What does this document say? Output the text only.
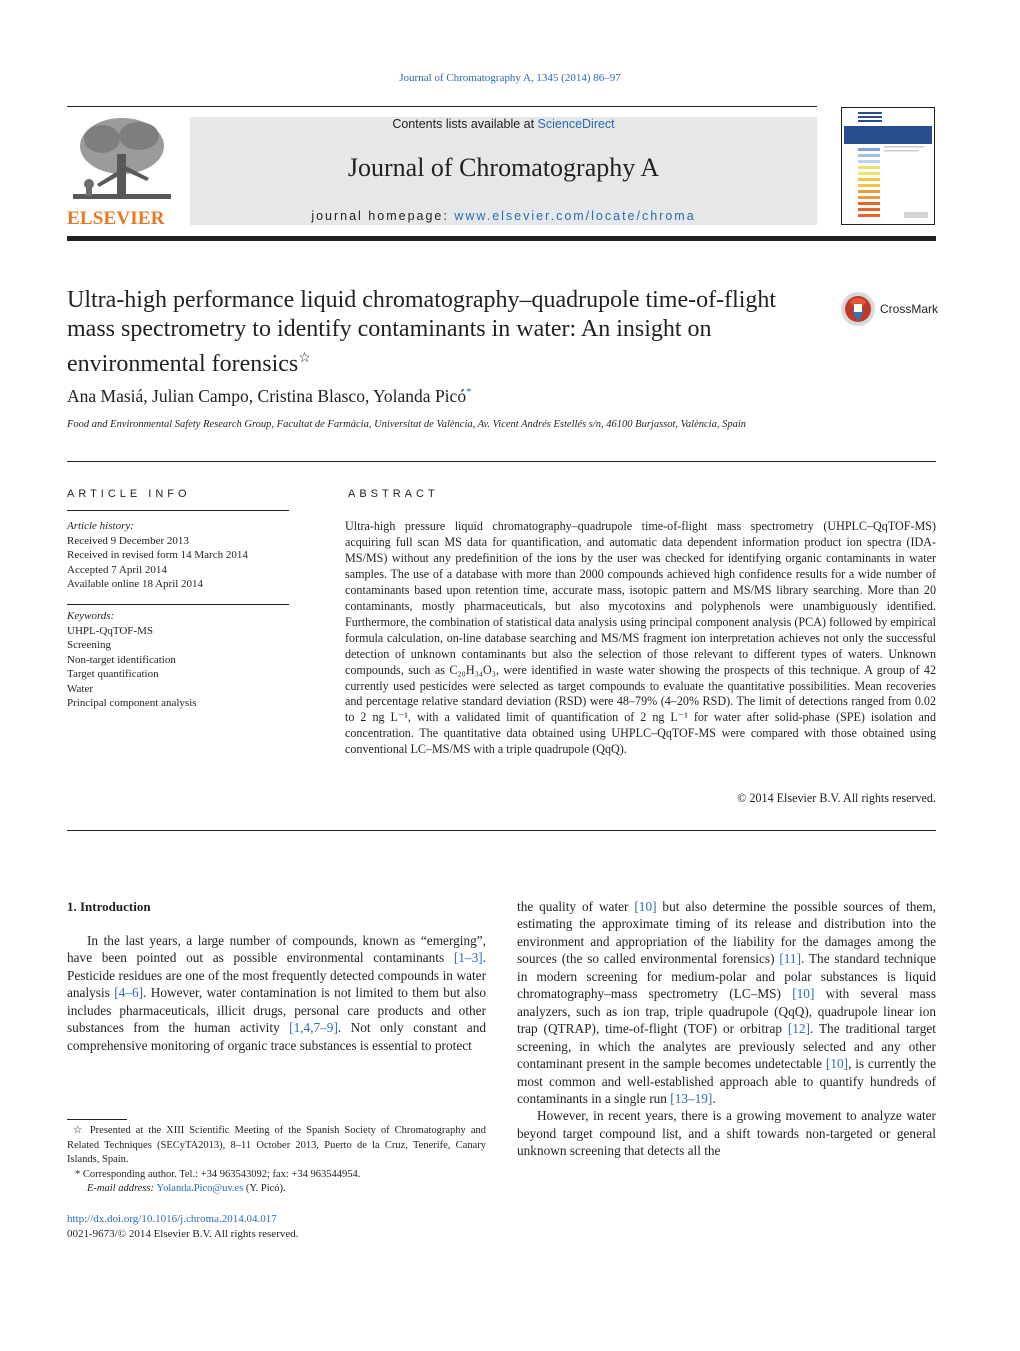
Journal of Chromatography A, 1345 (2014) 86–97
ELSEVIER
Contents lists available at ScienceDirect
Journal of Chromatography A
journal homepage: www.elsevier.com/locate/chroma
Ultra-high performance liquid chromatography–quadrupole time-of-flight mass spectrometry to identify contaminants in water: An insight on environmental forensics☆
CrossMark
Ana Masiá, Julian Campo, Cristina Blasco, Yolanda Picó*
Food and Environmental Safety Research Group, Facultat de Farmàcia, Universitat de València, Av. Vicent Andrés Estellés s/n, 46100 Burjassot, València, Spain
ARTICLE INFO	ABSTRACT
Article history:
Received 9 December 2013
Received in revised form 14 March 2014
Accepted 7 April 2014
Available online 18 April 2014
Keywords:
UHPL-QqTOF-MS
Screening
Non-target identification
Target quantification
Water
Principal component analysis
Ultra-high pressure liquid chromatography–quadrupole time-of-flight mass spectrometry (UHPLC–QqTOF-MS) acquiring full scan MS data for quantification, and automatic data dependent information product ion spectra (IDA-MS/MS) without any predefinition of the ions by the user was checked for identifying organic contaminants in water samples. The use of a database with more than 2000 compounds achieved high confidence results for a wide number of contaminants based upon retention time, accurate mass, isotopic pattern and MS/MS library searching. More than 20 contaminants, mostly pharmaceuticals, but also mycotoxins and polyphenols were unambiguously identified. Furthermore, the combination of statistical data analysis using principal component analysis (PCA) followed by empirical formula calculation, on-line database searching and MS/MS fragment ion interpretation achieves not only the successful detection of unknown contaminants but also the selection of those relevant to different types of waters. Unknown compounds, such as C₂₀H₃₄O₃, were identified in waste water showing the prospects of this technique. A group of 42 currently used pesticides were selected as target compounds to evaluate the quantitative possibilities. Mean recoveries and percentage relative standard deviation (RSD) were 48–79% (4–20% RSD). The limit of detections ranged from 0.02 to 2 ng L⁻¹, with a validated limit of quantification of 2 ng L⁻¹ for water after solid-phase (SPE) isolation and concentration. The quantitative data obtained using UHPLC–QqTOF-MS were compared with those obtained using conventional LC–MS/MS with a triple quadrupole (QqQ).
© 2014 Elsevier B.V. All rights reserved.
1. Introduction

In the last years, a large number of compounds, known as “emerging”, have been pointed out as possible environmental contaminants [1–3]. Pesticide residues are one of the most frequently detected compounds in water analysis [4–6]. However, water contamination is not limited to them but also includes pharmaceuticals, illicit drugs, personal care products and other substances from the human activity [1,4,7–9]. Not only constant and comprehensive monitoring of organic trace substances is essential to protect

the quality of water [10] but also determine the possible sources of them, estimating the approximate timing of its release and distribution into the environment and appropriation of the liability for the damages among the sources (the so called environmental forensics) [11]. The standard technique in modern screening for medium-polar and polar substances is liquid chromatography–mass spectrometry (LC–MS) [10] with several mass analyzers, such as ion trap, triple quadrupole (QqQ), quadrupole linear ion trap (QTRAP), time-of-flight (TOF) or orbitrap [12]. The traditional target screening, in which the analytes are previously selected and any other contaminant present in the sample becomes undetectable [10], is currently the most common and well-established approach able to quantify hundreds of contaminants in a single run [13–19].

However, in recent years, there is a growing movement to analyze water beyond target compound list, and a shift towards non-targeted or general unknown screening that detects all the

☆ Presented at the XIII Scientific Meeting of the Spanish Society of Chromatography and Related Techniques (SECyTA2013), 8–11 October 2013, Puerto de la Cruz, Tenerife, Canary Islands, Spain.
* Corresponding author. Tel.: +34 963543092; fax: +34 963544954.
E-mail address: Yolanda.Pico@uv.es (Y. Picó).
http://dx.doi.org/10.1016/j.chroma.2014.04.017
0021-9673/© 2014 Elsevier B.V. All rights reserved.
